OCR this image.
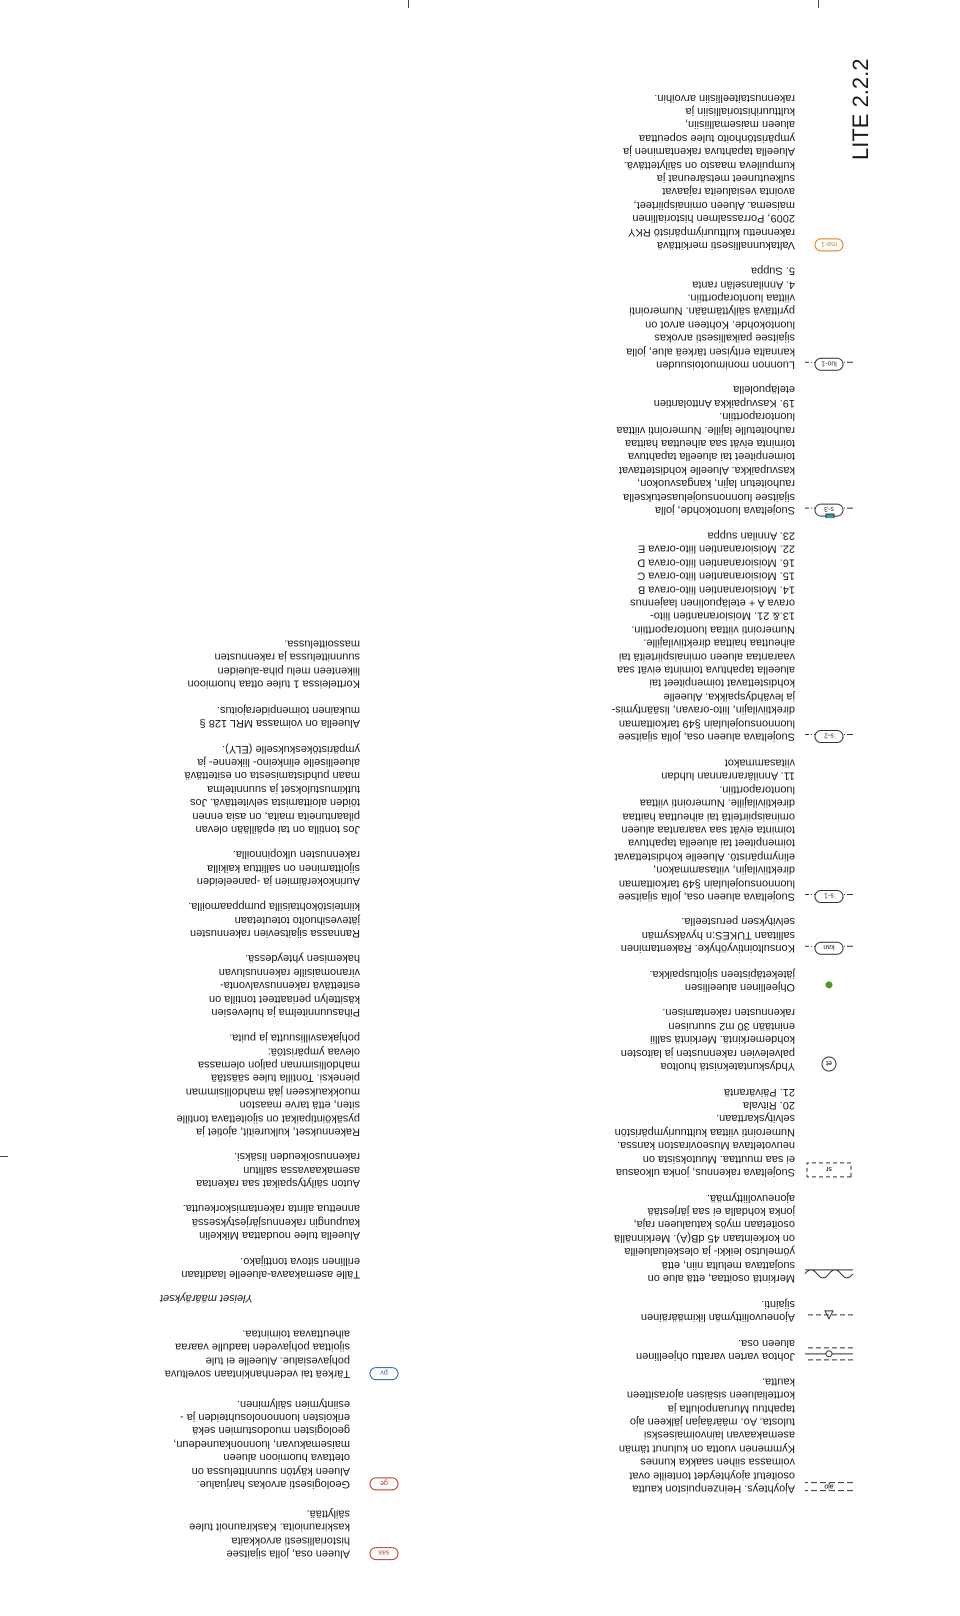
ajo
Ajoyhteys. Heinzenpuiston kautta
osoitetut ajoyhteydet tonteille ovat
voimassa siihen saakka kunnes
Kymmenen vuotta on kulunut tämän
asemakaavan lainvoimaisesksi
tulosta. Ao. määräajan jälkeen ajo
tapahtuu Muruanpolulta ja
korttelialueen sisäisen ajorasitteen
kautta.
Johtoa varten varattu ohjeellinen
alueen osa.
Ajoneuvoliittymän likimääräinen
sijainti.
Merkintä osoittaa, että alue on
suojattava melulta niin, että
yömelutso leikki- ja oleskelualueilla
on korkeintaan 45 dB(A). Merkinnällä
osoitetaan myös katualueen raja,
jonka kohdalla ei saa järjestää
ajoneuvoliittymää.
sr
Suojeltava rakennus, jonka ulkoasua
ei saa muuttaa. Muutoksista on
neuvoteltava Museoviraston kanssa.
Numerointi viittaa kulttuuriympäristön
selvityskarttaan.
20. Ritvala
21. Päivärantä
et
Yhdyskuntateknistä huoltoa
palvelevien rakennusten ja laitosten
kohdemerkintä. Merkintä sallii
enintään 30 m2 suuruisen
rakennusten rakentamisen.
Ohjeellinen alueellisen
jäteketäpisteen sijoituspaikka.
kan
Konsultointivyöhyke. Rakentaminen
sallitaan TUKES:n hyväksymän
selvityksen perusteella.
s-1
Suojeltava alueen osa, jolla sijaitsee
luonnonsuojelulain §49 tarkoittaman
direktiivilajin, viitasammakon,
elinympäristö. Alueelle kohdistettavat
toimenpiteet tai alueella tapahtuva
toiminta eivät saa vaarantaa alueen
ominaispiirteitä tai aiheuttaa haittaa
direktiivilajille. Numerointi viittaa
luontoraporttiin.
11. Anniläranrannan luhdan
viitasammakot
s-2
Suojeltava alueen osa, jolla sijaitsee
luonnonsuojelulain §49 tarkoittaman
direktiivilajin, liito-oravan, lisääntymis-
ja levähdyspaikka. Alueelle
kohdistettavat toimenpiteet tai
alueella tapahtuva toiminta eivät saa
vaarantaa alueen ominaispiirteitä tai
aiheuttaa haittaa direktiivilajille.
Numerointi viittaa luontoraporttiin.
13.& 21. Moisioranantien liito-
orava A + eteläpuolinen laajennus
14. Moisioranantien liito-orava B
15. Moisioranantien liito-orava C
16. Moisioranantien liito-orava D
22. Moisioranantien liito-orava E
23. Annilan suppa
s-3
Suojeltava luontokohde, jolla
sijaitsee luonnonsuojeluasetuksella
rauhoitetun lajin, kangasvuokon,
kasvupaikka. Alueelle kohdistettavat
toimenpiteet tai alueella tapahtuva
toiminta eivät saa aiheuttaa haittaa
rauhoitetulle lajille. Numerointi viittaa
luontoraporttiin.
19. Kasvupaikka Anttolantien
eteläpuolella
luo-1
Luonnon monimuotoisuuden
kannalta erityisen tärkeä alue, jolla
sijaitsee paikallisesti arvokas
luontokohde. Kohteen arvot on
pyrittävä säilyttämään. Numerointi
viittaa luontoraporttiin.
4. Annilanselän ranta
5. Suppa
ma-1
Valtakunnallisesti merkittävä
rakennettu kulttuuriympäristö RKY
2009, Porrassalmen historiallinen
maisema. Alueen ominaispiirteet,
avointa vesialueita rajaavat
sulkeutuneet metsäreunat ja
kumpuileva maasto on säilytettävä.
Alueella tapahtuva rakentaminen ja
ympäristönhoito tulee sopeuttaa
alueen maisemalliisiin,
kulttuurihistoriallisiin ja
rakennustaiteellisiin arvoihin.
sas
Alueen osa, jolla sijaitsee
historiallisesti arvokkaita
kaskiraunioita. Kaskiraunoit tulee
säilyttää.
ge
Geologisesti arvokas harjualue.
Alueen käytön suunnittelussa on
otettava huomioon alueen
maisemakuvan, luonnonkaunedeun,
geologisten muodostumien sekä
erikoisten luonnonolosuhteiden ja -
esiintymien säilyminen.
pv
Tärkeä tai vedenhankintaan soveltuva
pohjavesialue. Alueelle ei tule
sijoittaa pohjaveden laadulle vaaraa
aiheuttavaa toimintaa.
Yleiset määräykset
Tälle asemakaava-alueelle laaditaan
erillinen sitova tonttijako.
Alueella tulee noudattaa Mikkelin
kaupungin rakennusjärjestyksessä
annettua alinta rakentamiskorkeutta.
Auton säilytyspaikat saa rakentaa
asemakaavassa sallitun
rakennusoikeuden lisäksi.
Rakennukset, kulkureitit, ajotiet ja
pysäköintipaikat on sijoitettava tontille
siten, että tarve maaston
muokkaukseen jää mahdollisimman
pieneksi. Tontilla tulee säästää
mahdollisimman paljon olemassa
olevaa ympäristöä:
pohjakasvillisuutta ja puita.
Pihasuunnitelma ja hulevesien
käsittelyn periaatteet tontilla on
esitettävä rakennusvalvonta-
viranomaisille rakennusluvan
hakemisen yhteydessä.
Rannassa sijaitsevien rakennusten
jätevesihuolto toteutetaan
kiinteistökohtaisilla pumppaamoilla.
Aurinkokeräimien ja -paneeleiden
sijoittaminen on sallittua kaikilla
rakennusten ulkopinnoilla.
Jos tontilla on tai epäillään olevan
pilaantuneita maita, on asia ennen
töiden aloittamista selvitettävä. Jos
tutkimustulokset ja suunnitelma
maan puhdistamisesta on esitettävä
alueelliselle elinkeino- liikenne- ja
ympäristökeskukselle (ELY).
Alueella on voimassa MRL 128 §
mukainen toimenpiderajoitus.
Kortteleissa 1 tulee ottaa huomioon
liikenteen melu piha-alueiden
suunnittelussa ja rakennusten
massoittelussa.
LITE 2.2.2
